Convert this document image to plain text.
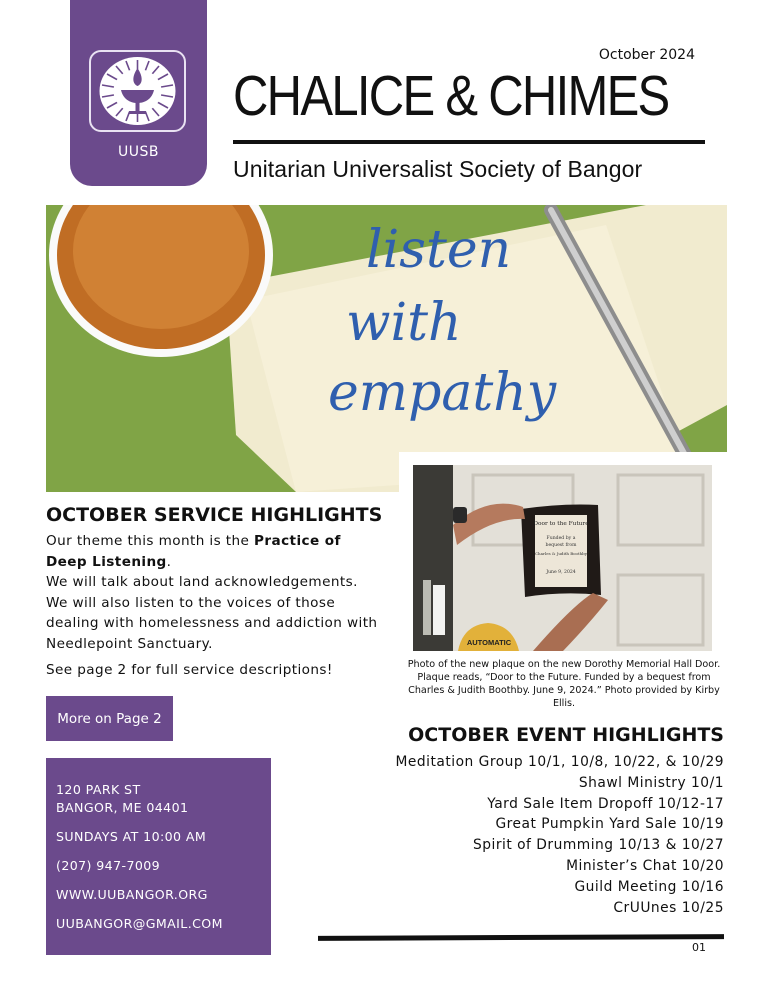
UUSB
October 2024
CHALICE & CHIMES
Unitarian Universalist Society of Bangor
listen
with
empathy
Door to the Future
Funded by a
bequest from
Charles & Judith Boothby
June 9, 2024
AUTOMATIC
Photo of the new plaque on the new Dorothy Memorial Hall Door. Plaque reads, “Door to the Future. Funded by a bequest from Charles & Judith Boothby. June 9, 2024.” Photo provided by Kirby Ellis.
OCTOBER SERVICE HIGHLIGHTS
Our theme this month is the Practice of Deep Listening.
We will talk about land acknowledgements.
We will also listen to the voices of those dealing with homelessness and addiction with Needlepoint Sanctuary.
See page 2 for full service descriptions!
More on Page 2
120 PARK ST
BANGOR, ME 04401
SUNDAYS AT 10:00 AM
(207) 947-7009
WWW.UUBANGOR.ORG
UUBANGOR@GMAIL.COM
OCTOBER EVENT HIGHLIGHTS
Meditation Group 10/1, 10/8, 10/22, & 10/29
Shawl Ministry 10/1
Yard Sale Item Dropoff 10/12-17
Great Pumpkin Yard Sale 10/19
Spirit of Drumming 10/13 & 10/27
Minister’s Chat 10/20
Guild Meeting 10/16
CrUUnes 10/25
01
